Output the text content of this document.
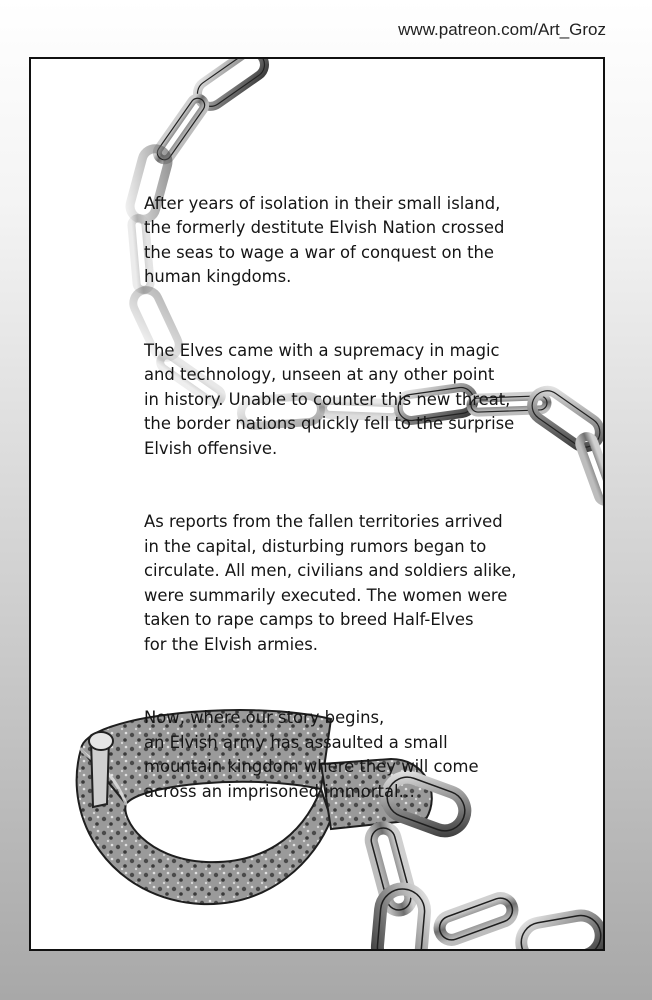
www.patreon.com/Art_Groz

After years of isolation in their small island,
the formerly destitute Elvish Nation crossed
the seas to wage a war of conquest on the
human kingdoms.

The Elves came with a supremacy in magic
and technology, unseen at any other point
in history. Unable to counter this new threat,
the border nations quickly fell to the surprise
Elvish offensive.

As reports from the fallen territories arrived
in the capital, disturbing rumors began to
circulate. All men, civilians and soldiers alike,
were summarily executed. The women were
taken to rape camps to breed Half-Elves
for the Elvish armies.

Now, where our story begins,
an Elvish army has assaulted a small
mountain kingdom where they will come
across an imprisoned immortal…
